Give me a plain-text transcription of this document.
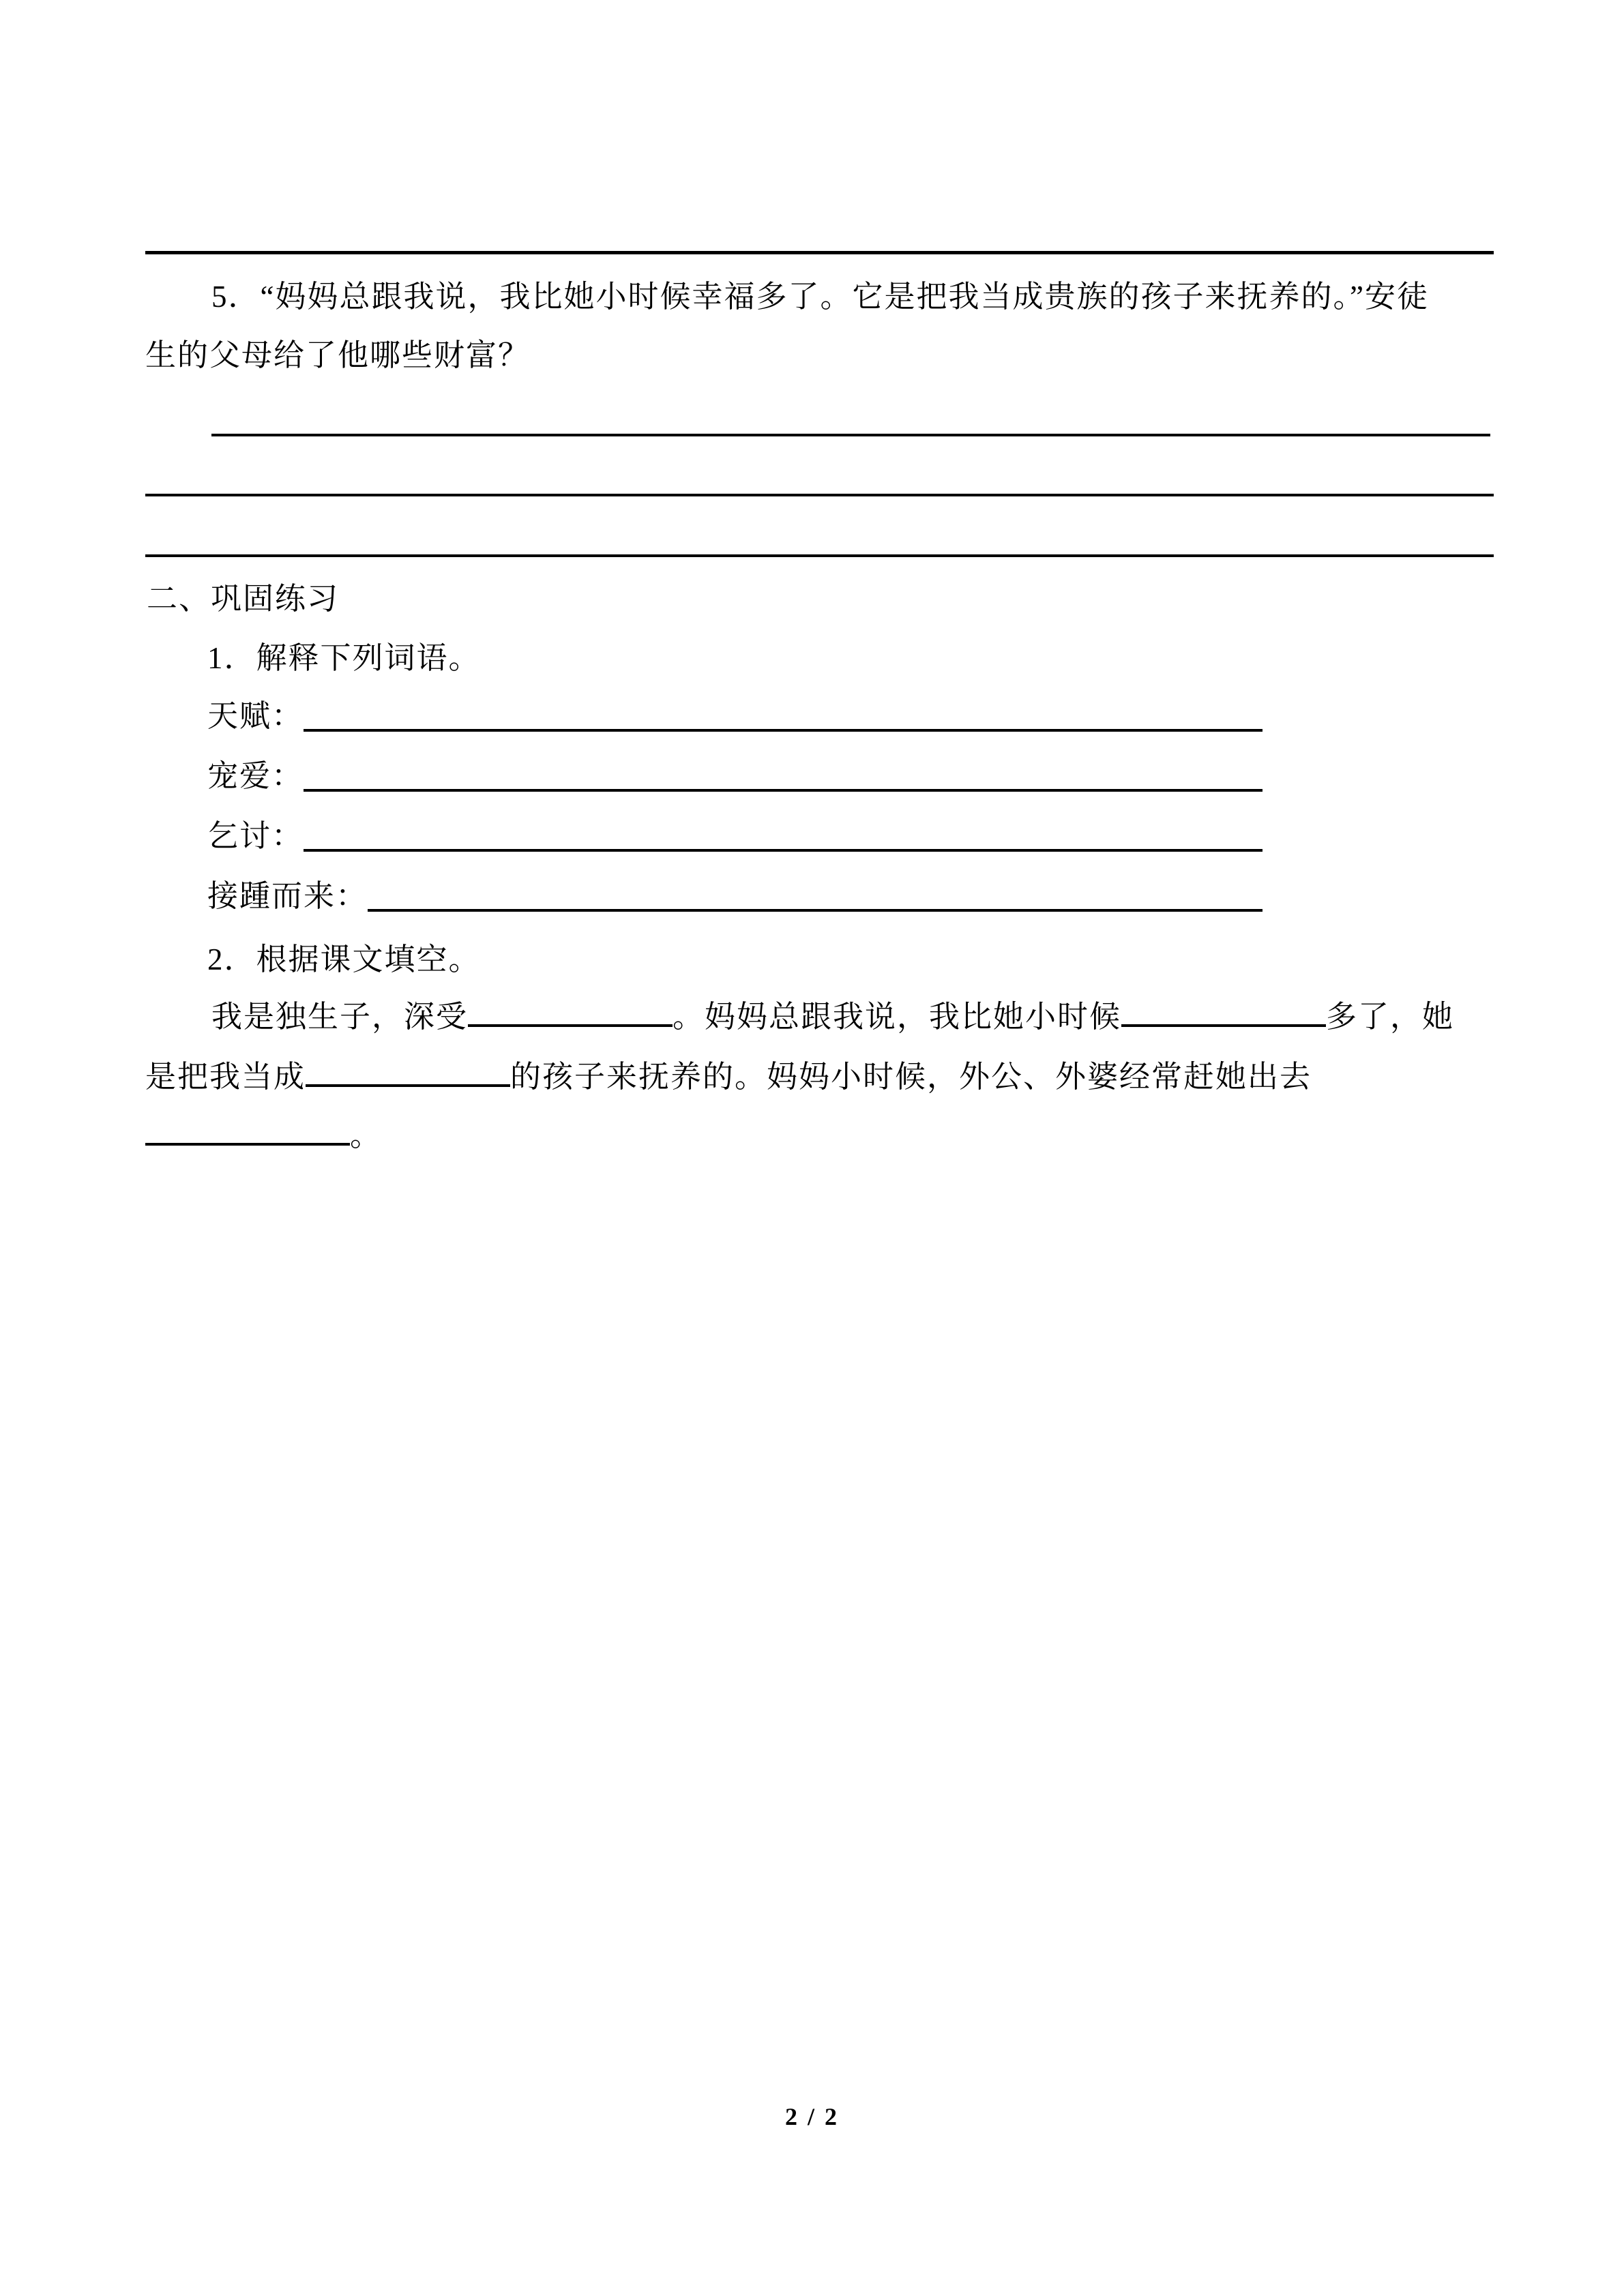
5．“妈妈总跟我说，我比她小时候幸福多了。它是把我当成贵族的孩子来抚养的。”安徒
生的父母给了他哪些财富？
二、巩固练习
1．解释下列词语。
天赋：
宠爱：
乞讨：
接踵而来：
2．根据课文填空。
我是独生子，深受	。妈妈总跟我说，我比她小时候	多了，她
是把我当成	的孩子来抚养的。妈妈小时候，外公、外婆经常赶她出去
。
2 / 2
